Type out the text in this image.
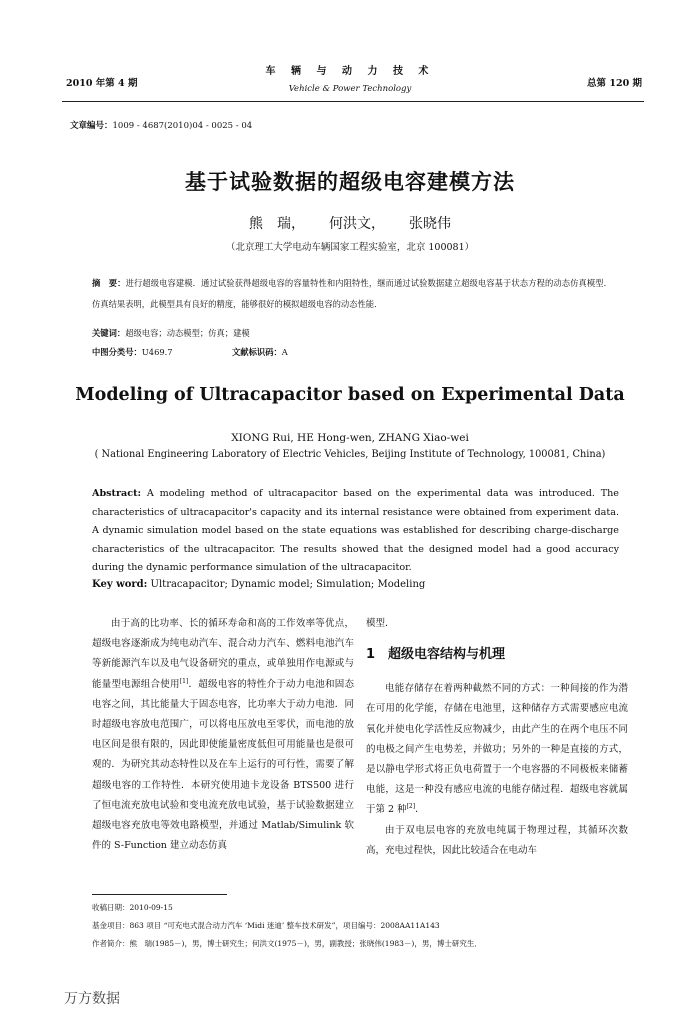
2010 年第 4 期
车 辆 与 动 力 技 术
Vehicle & Power Technology	总第 120 期
文章编号：1009 - 4687(2010)04 - 0025 - 04
基于试验数据的超级电容建模方法
熊　瑞， 何洪文， 张晓伟
（北京理工大学电动车辆国家工程实验室，北京 100081）
摘　要：进行超级电容建模．通过试验获得超级电容的容量特性和内阻特性，继而通过试验数据建立超级电容基于状态方程的动态仿真模型．仿真结果表明，此模型具有良好的精度，能够很好的模拟超级电容的动态性能．
关键词：超级电容；动态模型；仿真；建模
中图分类号：U469.7	文献标识码：A
Modeling of Ultracapacitor based on Experimental Data
XIONG Rui, HE Hong-wen, ZHANG Xiao-wei
( National Engineering Laboratory of Electric Vehicles, Beijing Institute of Technology, 100081, China)
Abstract: A modeling method of ultracapacitor based on the experimental data was introduced. The characteristics of ultracapacitor's capacity and its internal resistance were obtained from experiment data. A dynamic simulation model based on the state equations was established for describing charge-discharge characteristics of the ultracapacitor. The results showed that the designed model had a good accuracy during the dynamic performance simulation of the ultracapacitor.
Key word: Ultracapacitor; Dynamic model; Simulation; Modeling

由于高的比功率、长的循环寿命和高的工作效率等优点，超级电容逐渐成为纯电动汽车、混合动力汽车、燃料电池汽车等新能源汽车以及电气设备研究的重点，或单独用作电源或与能量型电源组合使用[1]．超级电容的特性介于动力电池和固态电容之间，其比能量大于固态电容，比功率大于动力电池．同时超级电容放电范围广，可以将电压放电至零伏，而电池的放电区间是很有限的，因此即使能量密度低但可用能量也是很可观的．为研究其动态特性以及在车上运行的可行性，需要了解超级电容的工作特性．本研究使用迪卡龙设备 BTS500 进行了恒电流充放电试验和变电流充放电试验，基于试验数据建立超级电容充放电等效电路模型，并通过 Matlab/Simulink 软件的 S-Function 建立动态仿真

模型．

1　超级电容结构与机理

电能存储存在着两种截然不同的方式：一种间接的作为潜在可用的化学能，存储在电池里，这种储存方式需要感应电流氧化并使电化学活性反应物减少，由此产生的在两个电压不同的电极之间产生电势差，并做功；另外的一种是直接的方式，是以静电学形式将正负电荷置于一个电容器的不同极板来储蓄电能，这是一种没有感应电流的电能存储过程．超级电容就属于第 2 种[2]．

由于双电层电容的充放电纯属于物理过程，其循环次数高，充电过程快，因此比较适合在电动车

收稿日期：2010-09-15
基金项目：863 项目 “可充电式混合动力汽车 ‘Midi 迷迪’ 整车技术研发”，项目编号：2008AA11A143
作者简介：熊　瑞(1985－)，男，博士研究生；何洪文(1975－)，男，副教授；张晓伟(1983－)，男，博士研究生．
万方数据
